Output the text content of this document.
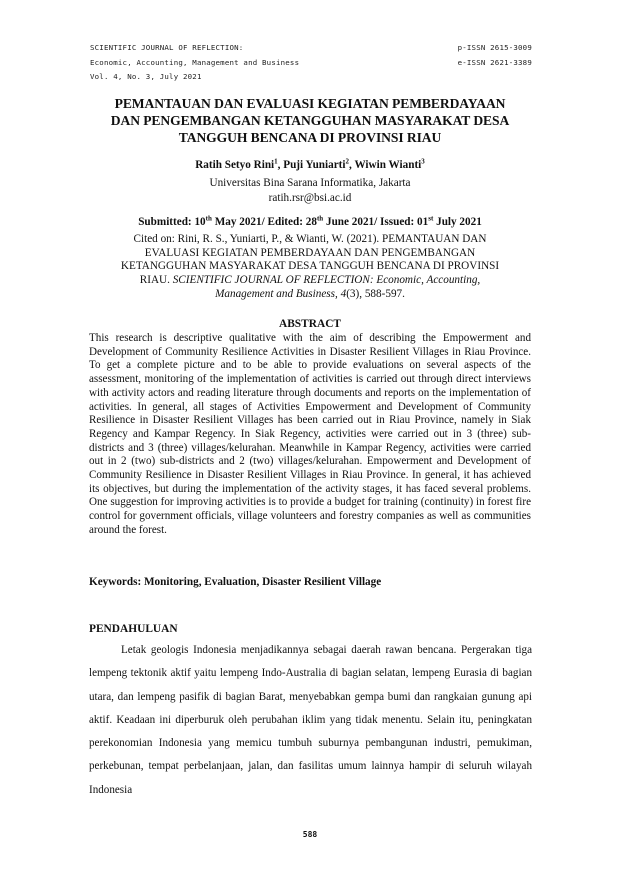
SCIENTIFIC JOURNAL OF REFLECTION:
Economic, Accounting, Management and Business
Vol. 4, No. 3, July 2021
p-ISSN 2615-3009
e-ISSN 2621-3389
PEMANTAUAN DAN EVALUASI KEGIATAN PEMBERDAYAAN
DAN PENGEMBANGAN KETANGGUHAN MASYARAKAT DESA
TANGGUH BENCANA DI PROVINSI RIAU
Ratih Setyo Rini$^1$, Puji Yuniarti$^2$, Wiwin Wianti$^3$
Universitas Bina Sarana Informatika, Jakarta
ratih.rsr@bsi.ac.id
Submitted: 10th May 2021/ Edited: 28th June 2021/ Issued: 01st July 2021
Cited on: Rini, R. S., Yuniarti, P., & Wianti, W. (2021). PEMANTAUAN DAN
EVALUASI KEGIATAN PEMBERDAYAAN DAN PENGEMBANGAN
KETANGGUHAN MASYARAKAT DESA TANGGUH BENCANA DI PROVINSI
RIAU. SCIENTIFIC JOURNAL OF REFLECTION: Economic, Accounting,
Management and Business, 4(3), 588-597.
ABSTRACT
This research is descriptive qualitative with the aim of describing the Empowerment and Development of Community Resilience Activities in Disaster Resilient Villages in Riau Province. To get a complete picture and to be able to provide evaluations on several aspects of the assessment, monitoring of the implementation of activities is carried out through direct interviews with activity actors and reading literature through documents and reports on the implementation of activities. In general, all stages of Activities Empowerment and Development of Community Resilience in Disaster Resilient Villages has been carried out in Riau Province, namely in Siak Regency and Kampar Regency. In Siak Regency, activities were carried out in 3 (three) sub-districts and 3 (three) villages/kelurahan. Meanwhile in Kampar Regency, activities were carried out in 2 (two) sub-districts and 2 (two) villages/kelurahan. Empowerment and Development of Community Resilience in Disaster Resilient Villages in Riau Province. In general, it has achieved its objectives, but during the implementation of the activity stages, it has faced several problems. One suggestion for improving activities is to provide a budget for training (continuity) in forest fire control for government officials, village volunteers and forestry companies as well as communities around the forest.
Keywords: Monitoring, Evaluation, Disaster Resilient Village
PENDAHULUAN

Letak geologis Indonesia menjadikannya sebagai daerah rawan bencana. Pergerakan tiga lempeng tektonik aktif yaitu lempeng Indo-Australia di bagian selatan, lempeng Eurasia di bagian utara, dan lempeng pasifik di bagian Barat, menyebabkan gempa bumi dan rangkaian gunung api aktif. Keadaan ini diperburuk oleh perubahan iklim yang tidak menentu. Selain itu, peningkatan perekonomian Indonesia yang memicu tumbuh suburnya pembangunan industri, pemukiman, perkebunan, tempat perbelanjaan, jalan, dan fasilitas umum lainnya hampir di seluruh wilayah Indonesia

588
